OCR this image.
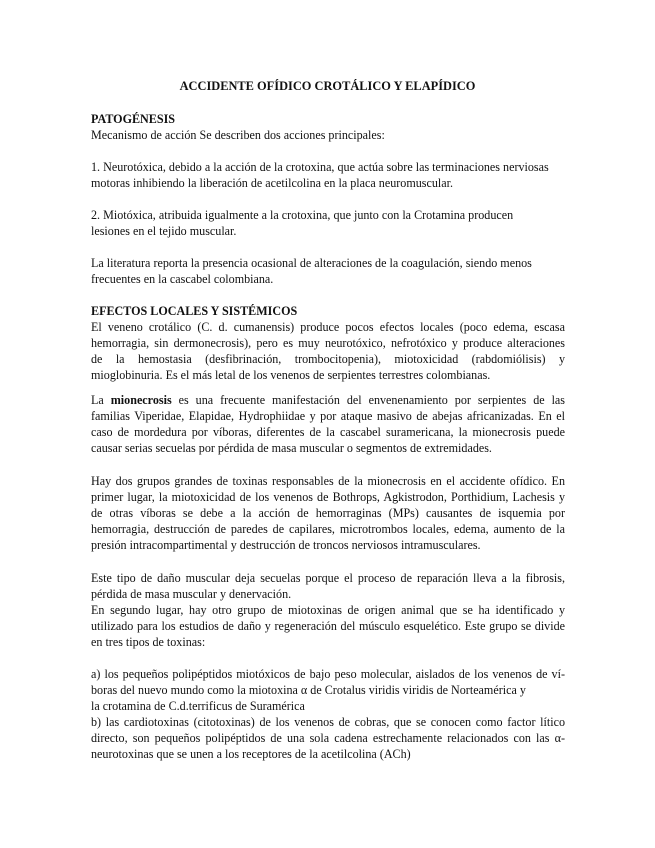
ACCIDENTE OFÍDICO CROTÁLICO Y ELAPÍDICO
PATOGÉNESIS
Mecanismo de acción Se describen dos acciones principales:
1. Neurotóxica, debido a la acción de la crotoxina, que actúa sobre las terminaciones nerviosas
motoras inhibiendo la liberación de acetilcolina en la placa neuromuscular.
2. Miotóxica, atribuida igualmente a la crotoxina, que junto con la Crotamina producen
lesiones en el tejido muscular.
La literatura reporta la presencia ocasional de alteraciones de la coagulación, siendo menos
frecuentes en la cascabel colombiana.
EFECTOS LOCALES Y SISTÉMICOS
El veneno crotálico (C. d. cumanensis) produce pocos efectos locales (poco edema, escasa
hemorragia, sin dermonecrosis), pero es muy neurotóxico, nefrotóxico y produce alteraciones
de la hemostasia (desfibrinación, trombocitopenia), miotoxicidad (rabdomiólisis) y
mioglobinuria. Es el más letal de los venenos de serpientes terrestres colombianas.
La mionecrosis es una frecuente manifestación del envenenamiento por serpientes de las
familias Viperidae, Elapidae, Hydrophiidae y por ataque masivo de abejas africanizadas. En el
caso de mordedura por víboras, diferentes de la cascabel suramericana, la mionecrosis puede
causar serias secuelas por pérdida de masa muscular o segmentos de extremidades.
Hay dos grupos grandes de toxinas responsables de la mionecrosis en el accidente ofídico. En
primer lugar, la miotoxicidad de los venenos de Bothrops, Agkistrodon, Porthidium, Lachesis y
de otras víboras se debe a la acción de hemorraginas (MPs) causantes de isquemia por
hemorragia, destrucción de paredes de capilares, microtrombos locales, edema, aumento de la
presión intracompartimental y destrucción de troncos nerviosos intramusculares.
Este tipo de daño muscular deja secuelas porque el proceso de reparación lleva a la fibrosis,
pérdida de masa muscular y denervación.
En segundo lugar, hay otro grupo de miotoxinas de origen animal que se ha identificado y
utilizado para los estudios de daño y regeneración del músculo esquelético. Este grupo se divide
en tres tipos de toxinas:
a) los pequeños polipéptidos miotóxicos de bajo peso molecular, aislados de los venenos de ví-
boras del nuevo mundo como la miotoxina α de Crotalus viridis viridis de Norteamérica y
la crotamina de C.d.terrificus de Suramérica
b) las cardiotoxinas (citotoxinas) de los venenos de cobras, que se conocen como factor lítico
directo, son pequeños polipéptidos de una sola cadena estrechamente relacionados con las α-
neurotoxinas que se unen a los receptores de la acetilcolina (ACh)
